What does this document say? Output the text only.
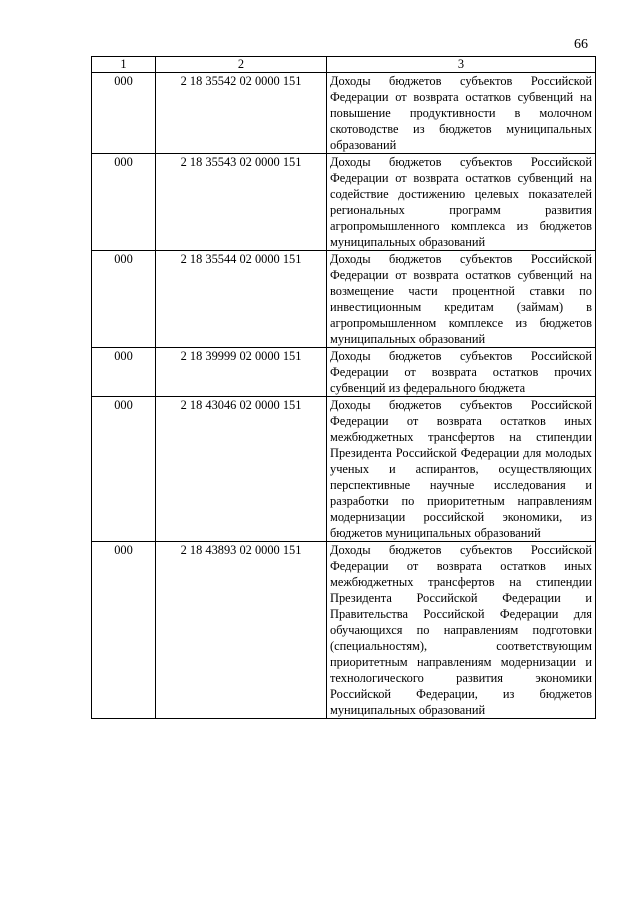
66
1	2	3
000	2 18 35542 02 0000 151	Доходы бюджетов субъектов Российской Федерации от возврата остатков субвенций на повышение продуктивности в молочном скотоводстве из бюджетов муниципальных образований
000	2 18 35543 02 0000 151	Доходы бюджетов субъектов Российской Федерации от возврата остатков субвенций на содействие достижению целевых показателей региональных программ развития агропромышленного комплекса из бюджетов муниципальных образований
000	2 18 35544 02 0000 151	Доходы бюджетов субъектов Российской Федерации от возврата остатков субвенций на возмещение части процентной ставки по инвестиционным кредитам (займам) в агропромышленном комплексе из бюджетов муниципальных образований
000	2 18 39999 02 0000 151	Доходы бюджетов субъектов Российской Федерации от возврата остатков прочих субвенций из федерального бюджета
000	2 18 43046 02 0000 151	Доходы бюджетов субъектов Российской Федерации от возврата остатков иных межбюджетных трансфертов на стипендии Президента Российской Федерации для молодых ученых и аспирантов, осуществляющих перспективные научные исследования и разработки по приоритетным направлениям модернизации российской экономики, из бюджетов муниципальных образований
000	2 18 43893 02 0000 151	Доходы бюджетов субъектов Российской Федерации от возврата остатков иных межбюджетных трансфертов на стипендии Президента Российской Федерации и Правительства Российской Федерации для обучающихся по направлениям подготовки (специальностям), соответствующим приоритетным направлениям модернизации и технологического развития экономики Российской Федерации, из бюджетов муниципальных образований
